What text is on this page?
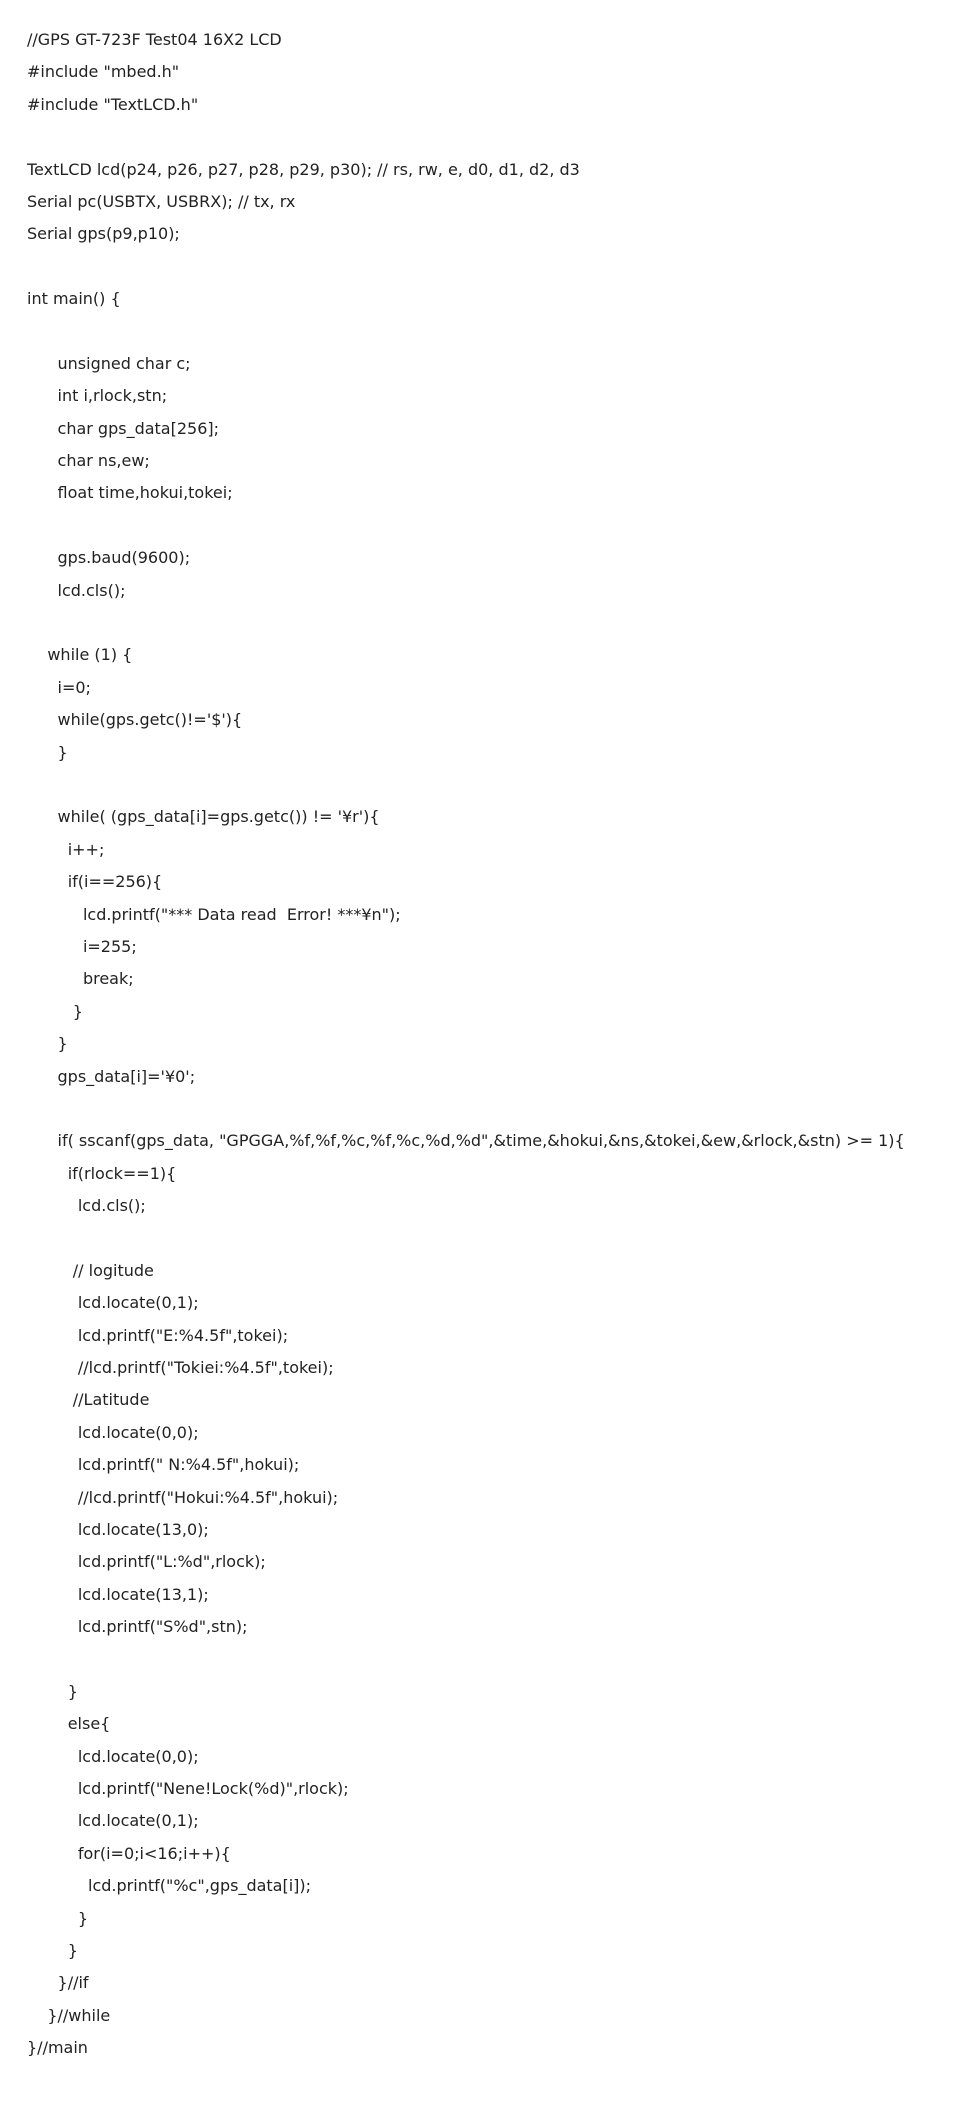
//GPS GT-723F Test04 16X2 LCD
#include "mbed.h"
#include "TextLCD.h"
TextLCD lcd(p24, p26, p27, p28, p29, p30); // rs, rw, e, d0, d1, d2, d3
Serial pc(USBTX, USBRX); // tx, rx
Serial gps(p9,p10);
int main() {
unsigned char c;
int i,rlock,stn;
char gps_data[256];
char ns,ew;
float time,hokui,tokei;
gps.baud(9600);
lcd.cls();
while (1) {
i=0;
while(gps.getc()!='$'){
}
while( (gps_data[i]=gps.getc()) != '¥r'){
i++;
if(i==256){
lcd.printf("*** Data read  Error! ***¥n");
i=255;
break;
}
}
gps_data[i]='¥0';
if( sscanf(gps_data, "GPGGA,%f,%f,%c,%f,%c,%d,%d",&time,&hokui,&ns,&tokei,&ew,&rlock,&stn) >= 1){
if(rlock==1){
lcd.cls();
// logitude
lcd.locate(0,1);
lcd.printf("E:%4.5f",tokei);
//lcd.printf("Tokiei:%4.5f",tokei);
//Latitude
lcd.locate(0,0);
lcd.printf(" N:%4.5f",hokui);
//lcd.printf("Hokui:%4.5f",hokui);
lcd.locate(13,0);
lcd.printf("L:%d",rlock);
lcd.locate(13,1);
lcd.printf("S%d",stn);
}
else{
lcd.locate(0,0);
lcd.printf("Nene!Lock(%d)",rlock);
lcd.locate(0,1);
for(i=0;i<16;i++){
lcd.printf("%c",gps_data[i]);
}
}
}//if
}//while
}//main
